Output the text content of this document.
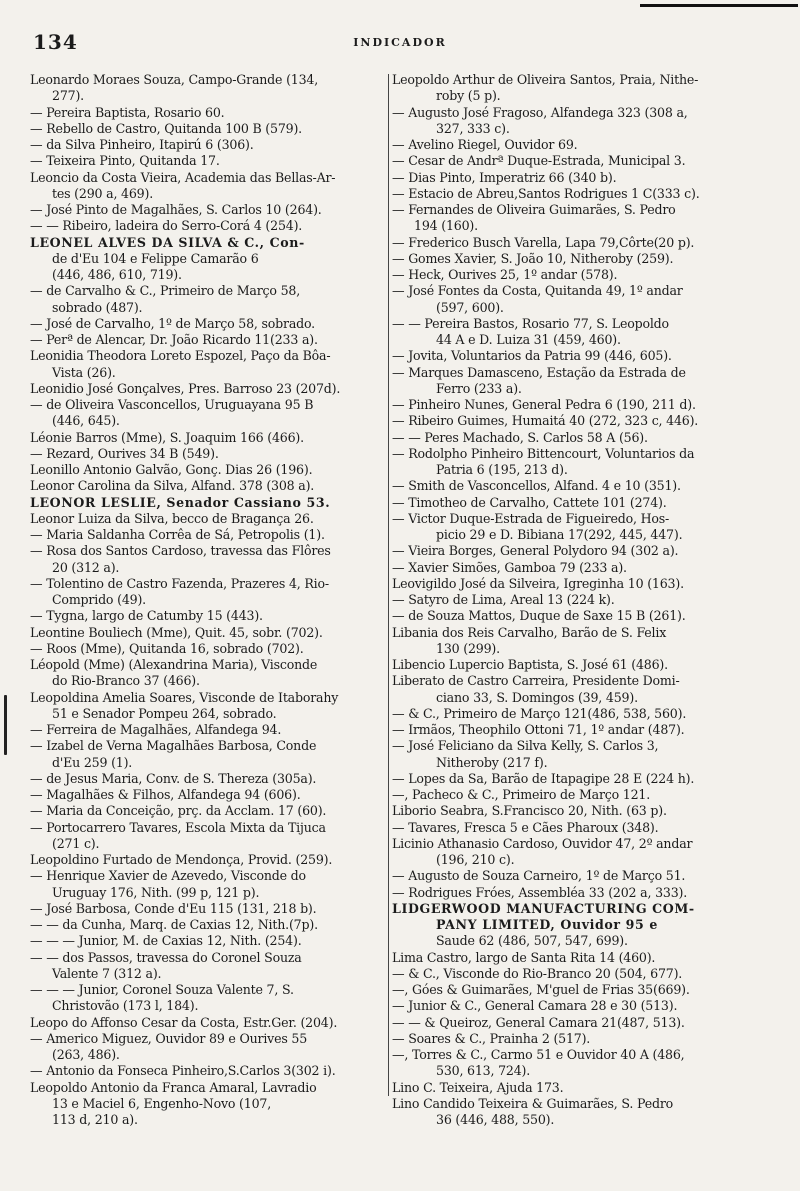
134	INDICADOR
Leonardo Moraes Souza, Campo-Grande (134,
277).
— Pereira Baptista, Rosario 60.
— Rebello de Castro, Quitanda 100 B (579).
— da Silva Pinheiro, Itapirú 6 (306).
— Teixeira Pinto, Quitanda 17.
Leoncio da Costa Vieira, Academia das Bellas-Ar-
tes (290 a, 469).
— José Pinto de Magalhães, S. Carlos 10 (264).
— — Ribeiro, ladeira do Serro-Corá 4 (254).
LEONEL ALVES DA SILVA & C., Con-
de d'Eu 104 e Felippe Camarão 6
(446, 486, 610, 719).
— de Carvalho & C., Primeiro de Março 58,
sobrado (487).
— José de Carvalho, 1º de Março 58, sobrado.
— Perª de Alencar, Dr. João Ricardo 11(233 a).
Leonidia Theodora Loreto Espozel, Paço da Bôa-
Vista (26).
Leonidio José Gonçalves, Pres. Barroso 23 (207d).
— de Oliveira Vasconcellos, Uruguayana 95 B
(446, 645).
Léonie Barros (Mme), S. Joaquim 166 (466).
— Rezard, Ourives 34 B (549).
Leonillo Antonio Galvão, Gonç. Dias 26 (196).
Leonor Carolina da Silva, Alfand. 378 (308 a).
LEONOR LESLIE, Senador Cassiano 53.
Leonor Luiza da Silva, becco de Bragança 26.
— Maria Saldanha Corrêa de Sá, Petropolis (1).
— Rosa dos Santos Cardoso, travessa das Flôres
20 (312 a).
— Tolentino de Castro Fazenda, Prazeres 4, Rio-
Comprido (49).
— Tygna, largo de Catumby 15 (443).
Leontine Bouliech (Mme), Quit. 45, sobr. (702).
— Roos (Mme), Quitanda 16, sobrado (702).
Léopold (Mme) (Alexandrina Maria), Visconde
do Rio-Branco 37 (466).
Leopoldina Amelia Soares, Visconde de Itaborahy
51 e Senador Pompeu 264, sobrado.
— Ferreira de Magalhães, Alfandega 94.
— Izabel de Verna Magalhães Barbosa, Conde
d'Eu 259 (1).
— de Jesus Maria, Conv. de S. Thereza (305a).
— Magalhães & Filhos, Alfandega 94 (606).
— Maria da Conceição, prç. da Acclam. 17 (60).
— Portocarrero Tavares, Escola Mixta da Tijuca
(271 c).
Leopoldino Furtado de Mendonça, Provid. (259).
— Henrique Xavier de Azevedo, Visconde do
Uruguay 176, Nith. (99 p, 121 p).
— José Barbosa, Conde d'Eu 115 (131, 218 b).
— — da Cunha, Marq. de Caxias 12, Nith.(7p).
— — — Junior, M. de Caxias 12, Nith. (254).
— — dos Passos, travessa do Coronel Souza
Valente 7 (312 a).
— — — Junior, Coronel Souza Valente 7, S.
Christovão (173 l, 184).
Leopo do Affonso Cesar da Costa, Estr.Ger. (204).
— Americo Miguez, Ouvidor 89 e Ourives 55
(263, 486).
— Antonio da Fonseca Pinheiro,S.Carlos 3(302 i).
Leopoldo Antonio da Franca Amaral, Lavradio
13 e Maciel 6, Engenho-Novo (107,
113 d, 210 a).
Leopoldo Arthur de Oliveira Santos, Praia, Nithe-
roby (5 p).
— Augusto José Fragoso, Alfandega 323 (308 a,
327, 333 c).
— Avelino Riegel, Ouvidor 69.
— Cesar de Andrª Duque-Estrada, Municipal 3.
— Dias Pinto, Imperatriz 66 (340 b).
— Estacio de Abreu,Santos Rodrigues 1 C(333 c).
— Fernandes de Oliveira Guimarães, S. Pedro
194 (160).
— Frederico Busch Varella, Lapa 79,Côrte(20 p).
— Gomes Xavier, S. João 10, Nitheroby (259).
— Heck, Ourives 25, 1º andar (578).
— José Fontes da Costa, Quitanda 49, 1º andar
(597, 600).
— — Pereira Bastos, Rosario 77, S. Leopoldo
44 A e D. Luiza 31 (459, 460).
— Jovita, Voluntarios da Patria 99 (446, 605).
— Marques Damasceno, Estação da Estrada de
Ferro (233 a).
— Pinheiro Nunes, General Pedra 6 (190, 211 d).
— Ribeiro Guimes, Humaitá 40 (272, 323 c, 446).
— — Peres Machado, S. Carlos 58 A (56).
— Rodolpho Pinheiro Bittencourt, Voluntarios da
Patria 6 (195, 213 d).
— Smith de Vasconcellos, Alfand. 4 e 10 (351).
— Timotheo de Carvalho, Cattete 101 (274).
— Victor Duque-Estrada de Figueiredo, Hos-
picio 29 e D. Bibiana 17(292, 445, 447).
— Vieira Borges, General Polydoro 94 (302 a).
— Xavier Simões, Gamboa 79 (233 a).
Leovigildo José da Silveira, Igreginha 10 (163).
— Satyro de Lima, Areal 13 (224 k).
— de Souza Mattos, Duque de Saxe 15 B (261).
Libania dos Reis Carvalho, Barão de S. Felix
130 (299).
Libencio Lupercio Baptista, S. José 61 (486).
Liberato de Castro Carreira, Presidente Domi-
ciano 33, S. Domingos (39, 459).
— & C., Primeiro de Março 121(486, 538, 560).
— Irmãos, Theophilo Ottoni 71, 1º andar (487).
— José Feliciano da Silva Kelly, S. Carlos 3,
Nitheroby (217 f).
— Lopes da Sa, Barão de Itapagipe 28 E (224 h).
—, Pacheco & C., Primeiro de Março 121.
Liborio Seabra, S.Francisco 20, Nith. (63 p).
— Tavares, Fresca 5 e Cães Pharoux (348).
Licinio Athanasio Cardoso, Ouvidor 47, 2º andar
(196, 210 c).
— Augusto de Souza Carneiro, 1º de Março 51.
— Rodrigues Fróes, Assembléa 33 (202 a, 333).
LIDGERWOOD MANUFACTURING COM-
PANY LIMITED, Ouvidor 95 e
Saude 62 (486, 507, 547, 699).
Lima Castro, largo de Santa Rita 14 (460).
— & C., Visconde do Rio-Branco 20 (504, 677).
—, Góes & Guimarães, M'guel de Frias 35(669).
— Junior & C., General Camara 28 e 30 (513).
— — & Queiroz, General Camara 21(487, 513).
— Soares & C., Prainha 2 (517).
—, Torres & C., Carmo 51 e Ouvidor 40 A (486,
530, 613, 724).
Lino C. Teixeira, Ajuda 173.
Lino Candido Teixeira & Guimarães, S. Pedro
36 (446, 488, 550).
